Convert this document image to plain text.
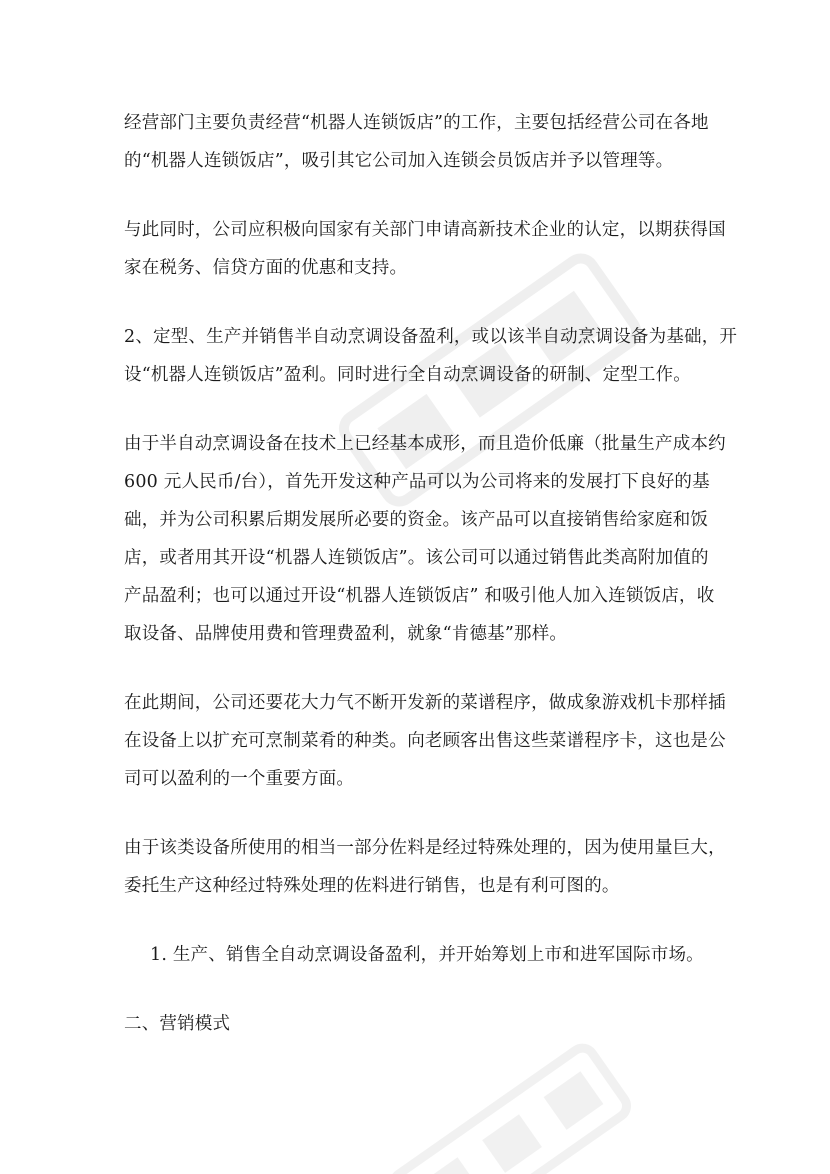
经营部门主要负责经营“机器人连锁饭店”的工作，主要包括经营公司在各地
的“机器人连锁饭店”，吸引其它公司加入连锁会员饭店并予以管理等。

与此同时，公司应积极向国家有关部门申请高新技术企业的认定，以期获得国
家在税务、信贷方面的优惠和支持。

2、定型、生产并销售半自动烹调设备盈利，或以该半自动烹调设备为基础，开
设“机器人连锁饭店”盈利。同时进行全自动烹调设备的研制、定型工作。

由于半自动烹调设备在技术上已经基本成形，而且造价低廉（批量生产成本约
600 元人民币/台），首先开发这种产品可以为公司将来的发展打下良好的基
础，并为公司积累后期发展所必要的资金。该产品可以直接销售给家庭和饭
店，或者用其开设“机器人连锁饭店”。该公司可以通过销售此类高附加值的
产品盈利；也可以通过开设“机器人连锁饭店” 和吸引他人加入连锁饭店，收
取设备、品牌使用费和管理费盈利，就象“肯德基”那样。

在此期间，公司还要花大力气不断开发新的菜谱程序，做成象游戏机卡那样插
在设备上以扩充可烹制菜肴的种类。向老顾客出售这些菜谱程序卡，这也是公
司可以盈利的一个重要方面。

由于该类设备所使用的相当一部分佐料是经过特殊处理的，因为使用量巨大，
委托生产这种经过特殊处理的佐料进行销售，也是有利可图的。

1. 生产、销售全自动烹调设备盈利，并开始筹划上市和进军国际市场。

二、营销模式
